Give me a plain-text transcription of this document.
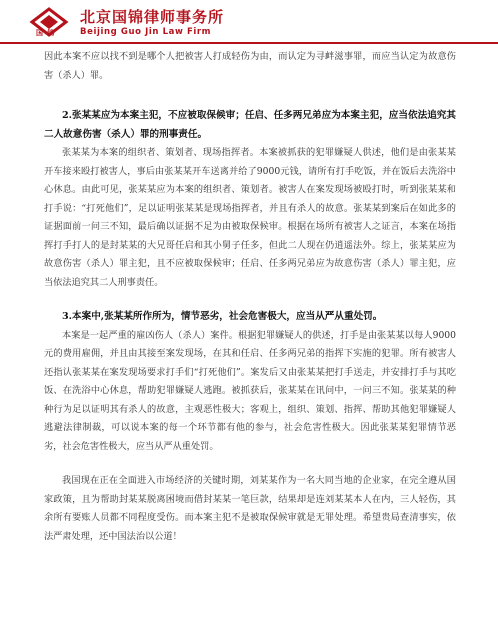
国 锦
北京国锦律师事务所
Beijing Guo Jin Law Firm

因此本案不应以找不到是哪个人把被害人打成轻伤为由，而认定为寻衅滋事罪，而应当认定为故意伤害（杀人）罪。

2.张某某应为本案主犯，不应被取保候审；任启、任多两兄弟应为本案主犯，应当依法追究其二人故意伤害（杀人）罪的刑事责任。

张某某为本案的组织者、策划者、现场指挥者。本案被抓获的犯罪嫌疑人供述，他们是由张某某开车接来殴打被害人，事后由张某某开车送离并给了9000元钱，请所有打手吃饭，并在饭后去洗浴中心休息。由此可见，张某某应为本案的组织者、策划者。被害人在案发现场被殴打时，听到张某某和打手说：“打死他们”，足以证明张某某是现场指挥者，并且有杀人的故意。张某某到案后在如此多的证据面前一问三不知，最后确以证据不足为由被取保候审。根据在场所有被害人之证言，本案在场指挥打手打人的是封某某的大兄哥任启和其小舅子任多，但此二人现在仍逍遥法外。综上，张某某应为故意伤害（杀人）罪主犯，且不应被取保候审；任启、任多两兄弟应为故意伤害（杀人）罪主犯，应当依法追究其二人刑事责任。

3.本案中,张某某所作所为，情节恶劣，社会危害极大，应当从严从重处罚。

本案是一起严重的雇凶伤人（杀人）案件。根据犯罪嫌疑人的供述，打手是由张某某以每人9000元的费用雇佣，并且由其接至案发现场，在其和任启、任多两兄弟的指挥下实施的犯罪。所有被害人还指认张某某在案发现场要求打手们“打死他们”。案发后又由张某某把打手送走，并安排打手与其吃饭、在洗浴中心休息，帮助犯罪嫌疑人逃跑。被抓获后，张某某在讯问中，一问三不知。张某某的种种行为足以证明其有杀人的故意，主观恶性极大；客观上，组织、策划、指挥、帮助其他犯罪嫌疑人逃避法律制裁，可以说本案的每一个环节都有他的参与，社会危害性极大。因此张某某犯罪情节恶劣，社会危害性极大，应当从严从重处罚。

我国现在正在全面进入市场经济的关键时期，刘某某作为一名大同当地的企业家，在完全遵从国家政策，且为帮助封某某脱离困境而借封某某一笔巨款，结果却是连刘某某本人在内，三人轻伤，其余所有要账人员都不同程度受伤。而本案主犯不是被取保候审就是无罪处理。希望贵局查清事实，依法严肃处理，还中国法治以公道！
